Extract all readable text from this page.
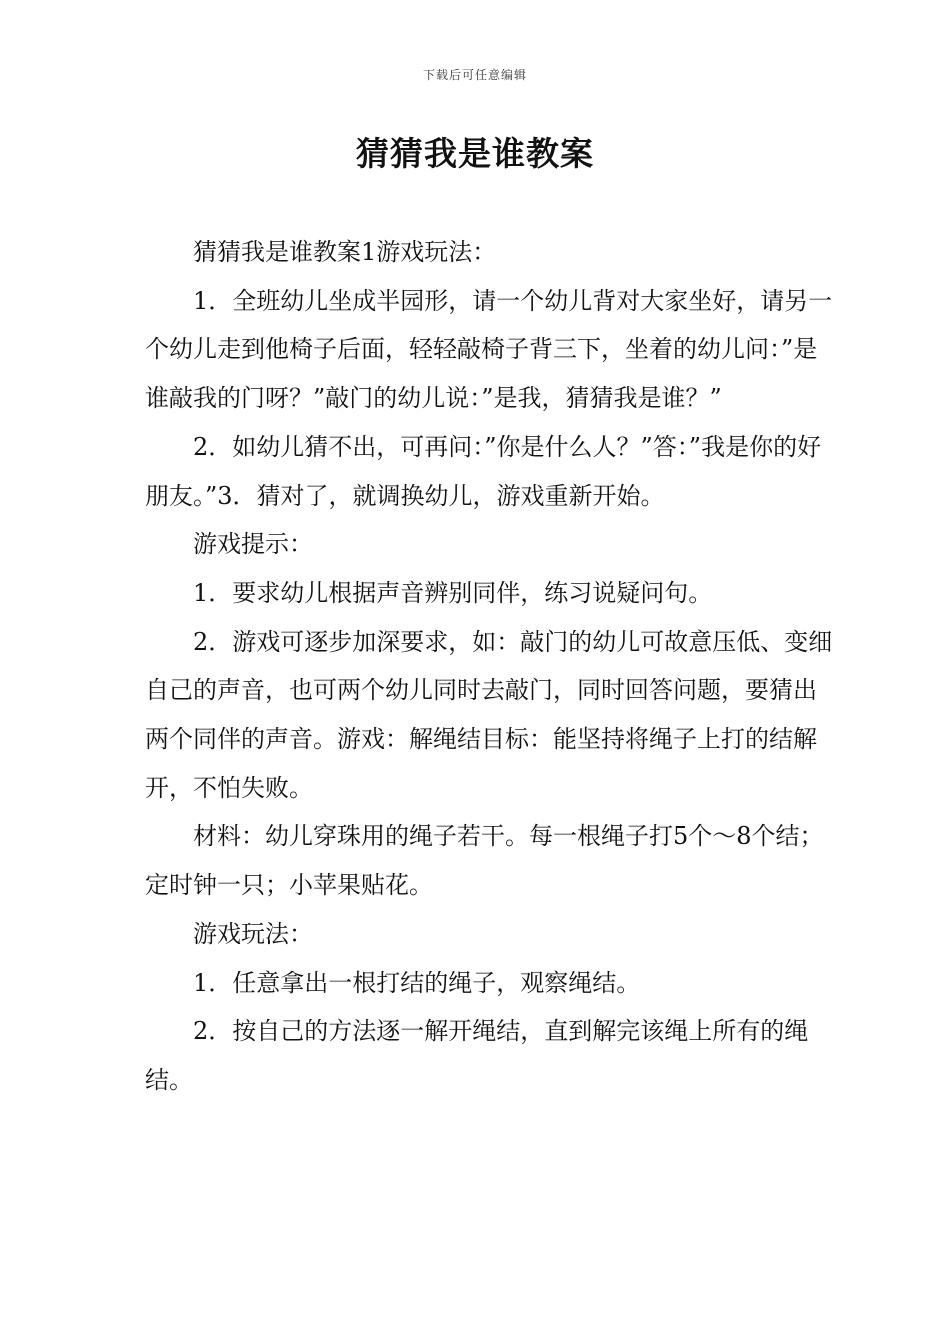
下载后可任意编辑
猜猜我是谁教案

猜猜我是谁教案1游戏玩法：

1．全班幼儿坐成半园形，请一个幼儿背对大家坐好，请另一个幼儿走到他椅子后面，轻轻敲椅子背三下，坐着的幼儿问：”是谁敲我的门呀？”敲门的幼儿说：”是我，猜猜我是谁？”

2．如幼儿猜不出，可再问：”你是什么人？”答：”我是你的好朋友。”3．猜对了，就调换幼儿，游戏重新开始。

游戏提示：

1．要求幼儿根据声音辨别同伴，练习说疑问句。

2．游戏可逐步加深要求，如：敲门的幼儿可故意压低、变细自己的声音，也可两个幼儿同时去敲门，同时回答问题，要猜出两个同伴的声音。游戏：解绳结目标：能坚持将绳子上打的结解开，不怕失败。

材料：幼儿穿珠用的绳子若干。每一根绳子打5个～8个结；定时钟一只；小苹果贴花。

游戏玩法：

1．任意拿出一根打结的绳子，观察绳结。

2．按自己的方法逐一解开绳结，直到解完该绳上所有的绳结。
